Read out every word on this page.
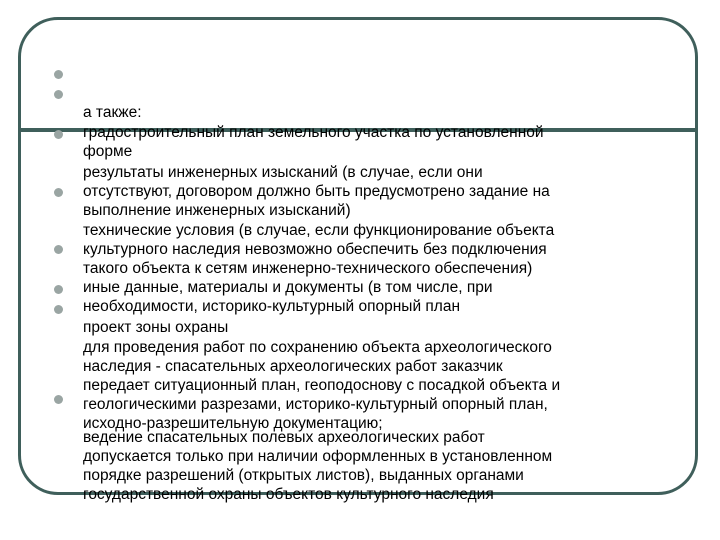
а также:

градостроительный план земельного участка по установленной
форме

результаты инженерных изысканий (в случае, если они
отсутствуют, договором должно быть предусмотрено задание на
выполнение инженерных изысканий)

технические условия (в случае, если функционирование объекта
культурного наследия невозможно обеспечить без подключения
такого объекта к сетям инженерно-технического обеспечения)

иные данные, материалы и документы (в том числе, при
необходимости, историко-культурный опорный план

проект зоны охраны

для проведения работ по сохранению объекта археологического
наследия - спасательных археологических работ заказчик
передает ситуационный план, геоподоснову с посадкой объекта и
геологическими разрезами, историко-культурный опорный план,
исходно-разрешительную документацию;

ведение спасательных полевых археологических работ
допускается только при наличии оформленных в установленном
порядке разрешений (открытых листов), выданных органами
государственной охраны объектов культурного наследия
